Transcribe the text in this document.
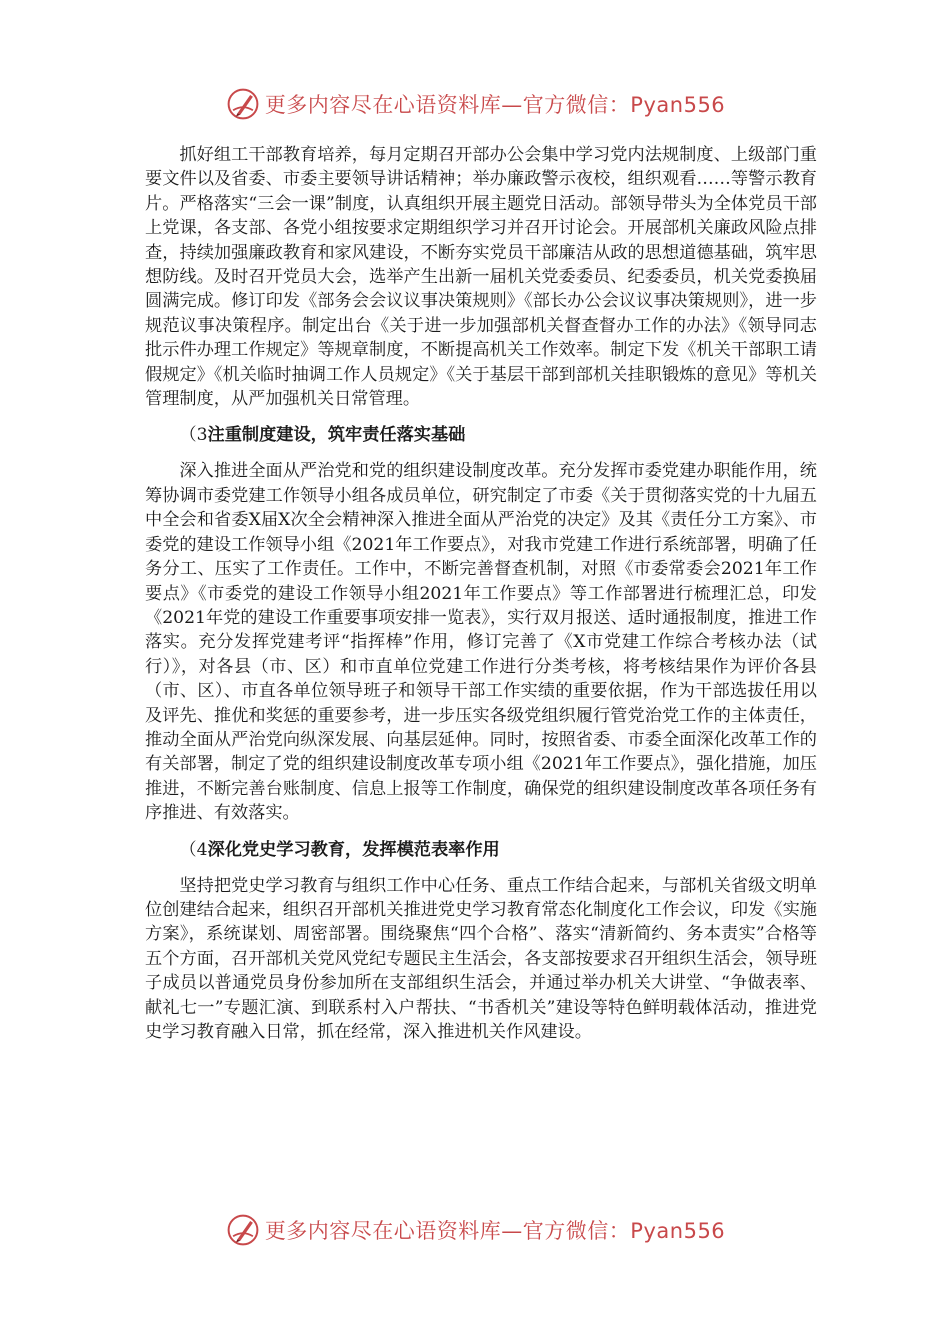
更多内容尽在心语资料库—官方微信：Pyan556

抓好组工干部教育培养，每月定期召开部办公会集中学习党内法规制度、上级部门重要文件以及省委、市委主要领导讲话精神；举办廉政警示夜校，组织观看……等警示教育片。严格落实“三会一课”制度，认真组织开展主题党日活动。部领导带头为全体党员干部上党课，各支部、各党小组按要求定期组织学习并召开讨论会。开展部机关廉政风险点排查，持续加强廉政教育和家风建设，不断夯实党员干部廉洁从政的思想道德基础，筑牢思想防线。及时召开党员大会，选举产生出新一届机关党委委员、纪委委员，机关党委换届圆满完成。修订印发《部务会会议议事决策规则》《部长办公会议议事决策规则》，进一步规范议事决策程序。制定出台《关于进一步加强部机关督查督办工作的办法》《领导同志批示件办理工作规定》等规章制度，不断提高机关工作效率。制定下发《机关干部职工请假规定》《机关临时抽调工作人员规定》《关于基层干部到部机关挂职锻炼的意见》等机关管理制度，从严加强机关日常管理。

（3注重制度建设，筑牢责任落实基础

深入推进全面从严治党和党的组织建设制度改革。充分发挥市委党建办职能作用，统筹协调市委党建工作领导小组各成员单位，研究制定了市委《关于贯彻落实党的十九届五中全会和省委X届X次全会精神深入推进全面从严治党的决定》及其《责任分工方案》、市委党的建设工作领导小组《2021年工作要点》，对我市党建工作进行系统部署，明确了任务分工、压实了工作责任。工作中，不断完善督查机制，对照《市委常委会2021年工作要点》《市委党的建设工作领导小组2021年工作要点》等工作部署进行梳理汇总，印发《2021年党的建设工作重要事项安排一览表》，实行双月报送、适时通报制度，推进工作落实。充分发挥党建考评“指挥棒”作用，修订完善了《X市党建工作综合考核办法（试行）》，对各县（市、区）和市直单位党建工作进行分类考核，将考核结果作为评价各县（市、区）、市直各单位领导班子和领导干部工作实绩的重要依据，作为干部选拔任用以及评先、推优和奖惩的重要参考，进一步压实各级党组织履行管党治党工作的主体责任，推动全面从严治党向纵深发展、向基层延伸。同时，按照省委、市委全面深化改革工作的有关部署，制定了党的组织建设制度改革专项小组《2021年工作要点》，强化措施，加压推进，不断完善台账制度、信息上报等工作制度，确保党的组织建设制度改革各项任务有序推进、有效落实。

（4深化党史学习教育，发挥模范表率作用

坚持把党史学习教育与组织工作中心任务、重点工作结合起来，与部机关省级文明单位创建结合起来，组织召开部机关推进党史学习教育常态化制度化工作会议，印发《实施方案》，系统谋划、周密部署。围绕聚焦“四个合格”、落实“清新简约、务本责实”合格等五个方面，召开部机关党风党纪专题民主生活会，各支部按要求召开组织生活会，领导班子成员以普通党员身份参加所在支部组织生活会，并通过举办机关大讲堂、“争做表率、献礼七一”专题汇演、到联系村入户帮扶、“书香机关”建设等特色鲜明载体活动，推进党史学习教育融入日常，抓在经常，深入推进机关作风建设。

更多内容尽在心语资料库—官方微信：Pyan556
